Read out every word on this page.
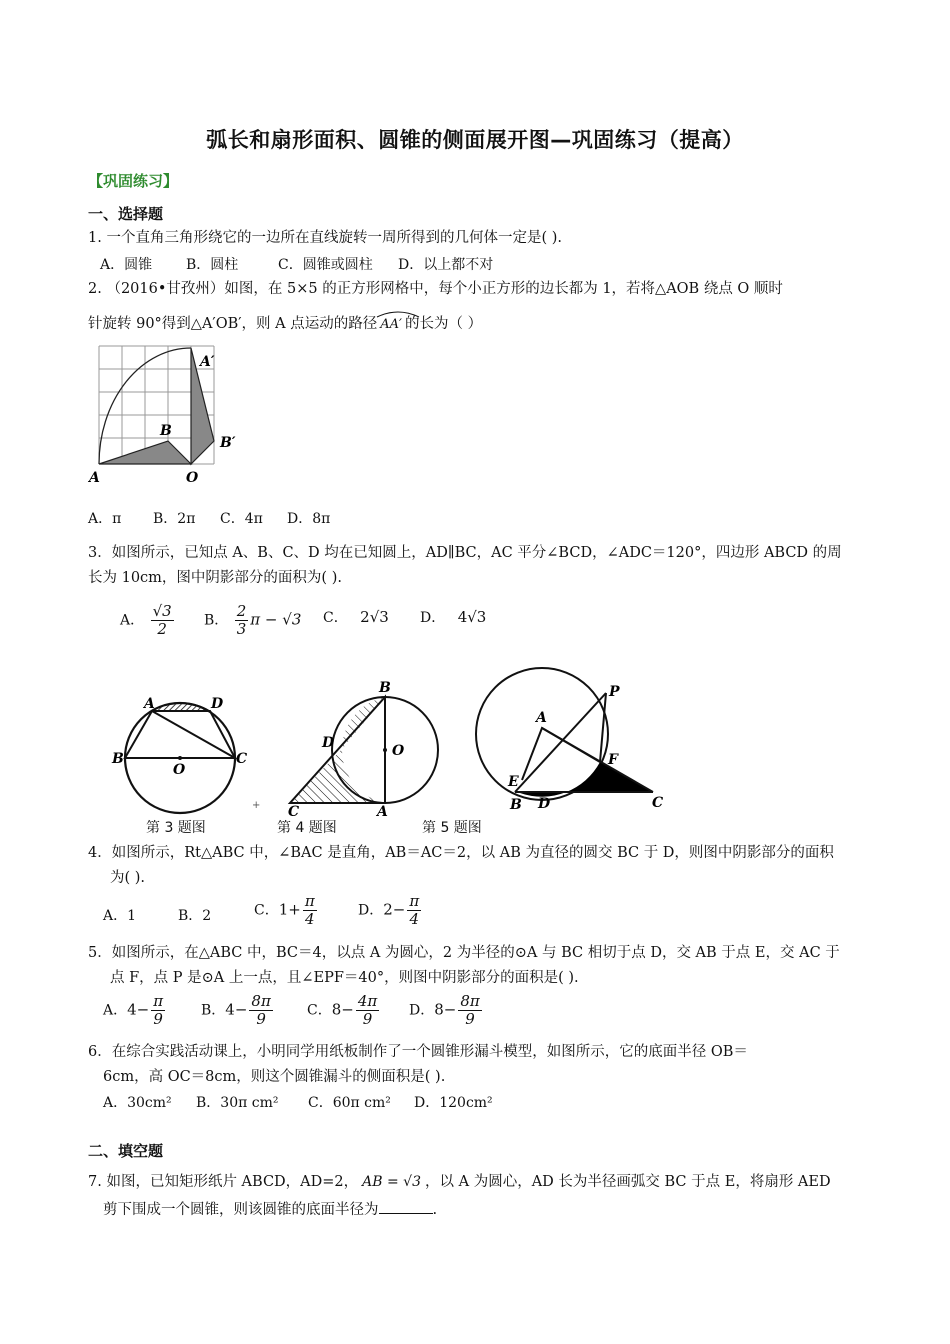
弧长和扇形面积、圆锥的侧面展开图—巩固练习（提高）
【巩固练习】
一、选择题
1. 一个直角三角形绕它的一边所在直线旋转一周所得到的几何体一定是( ).
A．圆锥 B．圆柱	C．圆锥或圆柱 D．以上都不对
2. （2016•甘孜州）如图，在 5×5 的正方形网格中，每个小正方形的边长都为 1，若将△AOB 绕点 O 顺时
针旋转 90°得到△A′OB′，则 A 点运动的路径 AA′ 的长为（ ）
A	O
B
A′
B′
A．π B．2π C．4π D．8π
3．如图所示，已知点 A、B、C、D 均在已知圆上，AD∥BC，AC 平分∠BCD，∠ADC＝120°，四边形 ABCD 的周
长为 10cm，图中阴影部分的面积为( ).
A． $\frac{√3}{2}$ B． $\frac{2}{3}$ π − √3 C． 2√3 D． 4√3
A	D
B	C
O
第 3 题图
+
B
O
D
C	A
第 4 题图
P
A
F
E
B D	C
第 5 题图
4．如图所示，Rt△ABC 中，∠BAC 是直角，AB＝AC＝2，以 AB 为直径的圆交 BC 于 D，则图中阴影部分的面积
为( ).
A．1	B．2	C．$1+ \frac{\pi}{4}$	D．$2- \frac{\pi}{4}$
5．如图所示，在△ABC 中，BC＝4，以点 A 为圆心，2 为半径的⊙A 与 BC 相切于点 D，交 AB 于点 E，交 AC 于
点 F，点 P 是⊙A 上一点，且∠EPF＝40°，则图中阴影部分的面积是( ).
A．$4- \frac{\pi}{9}$	B．$4- \frac{8\pi}{9}$ C．$8- \frac{4\pi}{9}$ D．$8- \frac{8\pi}{9}$
6．在综合实践活动课上，小明同学用纸板制作了一个圆锥形漏斗模型，如图所示，它的底面半径 OB＝
6cm，高 OC＝8cm，则这个圆锥漏斗的侧面积是( ).
A．30cm² B．30π cm² C．60π cm² D．120cm²
二、填空题
7. 如图，已知矩形纸片 ABCD，AD=2， AB = √3 ，以 A 为圆心，AD 长为半径画弧交 BC 于点 E，将扇形 AED
剪下围成一个圆锥，则该圆锥的底面半径为	.
